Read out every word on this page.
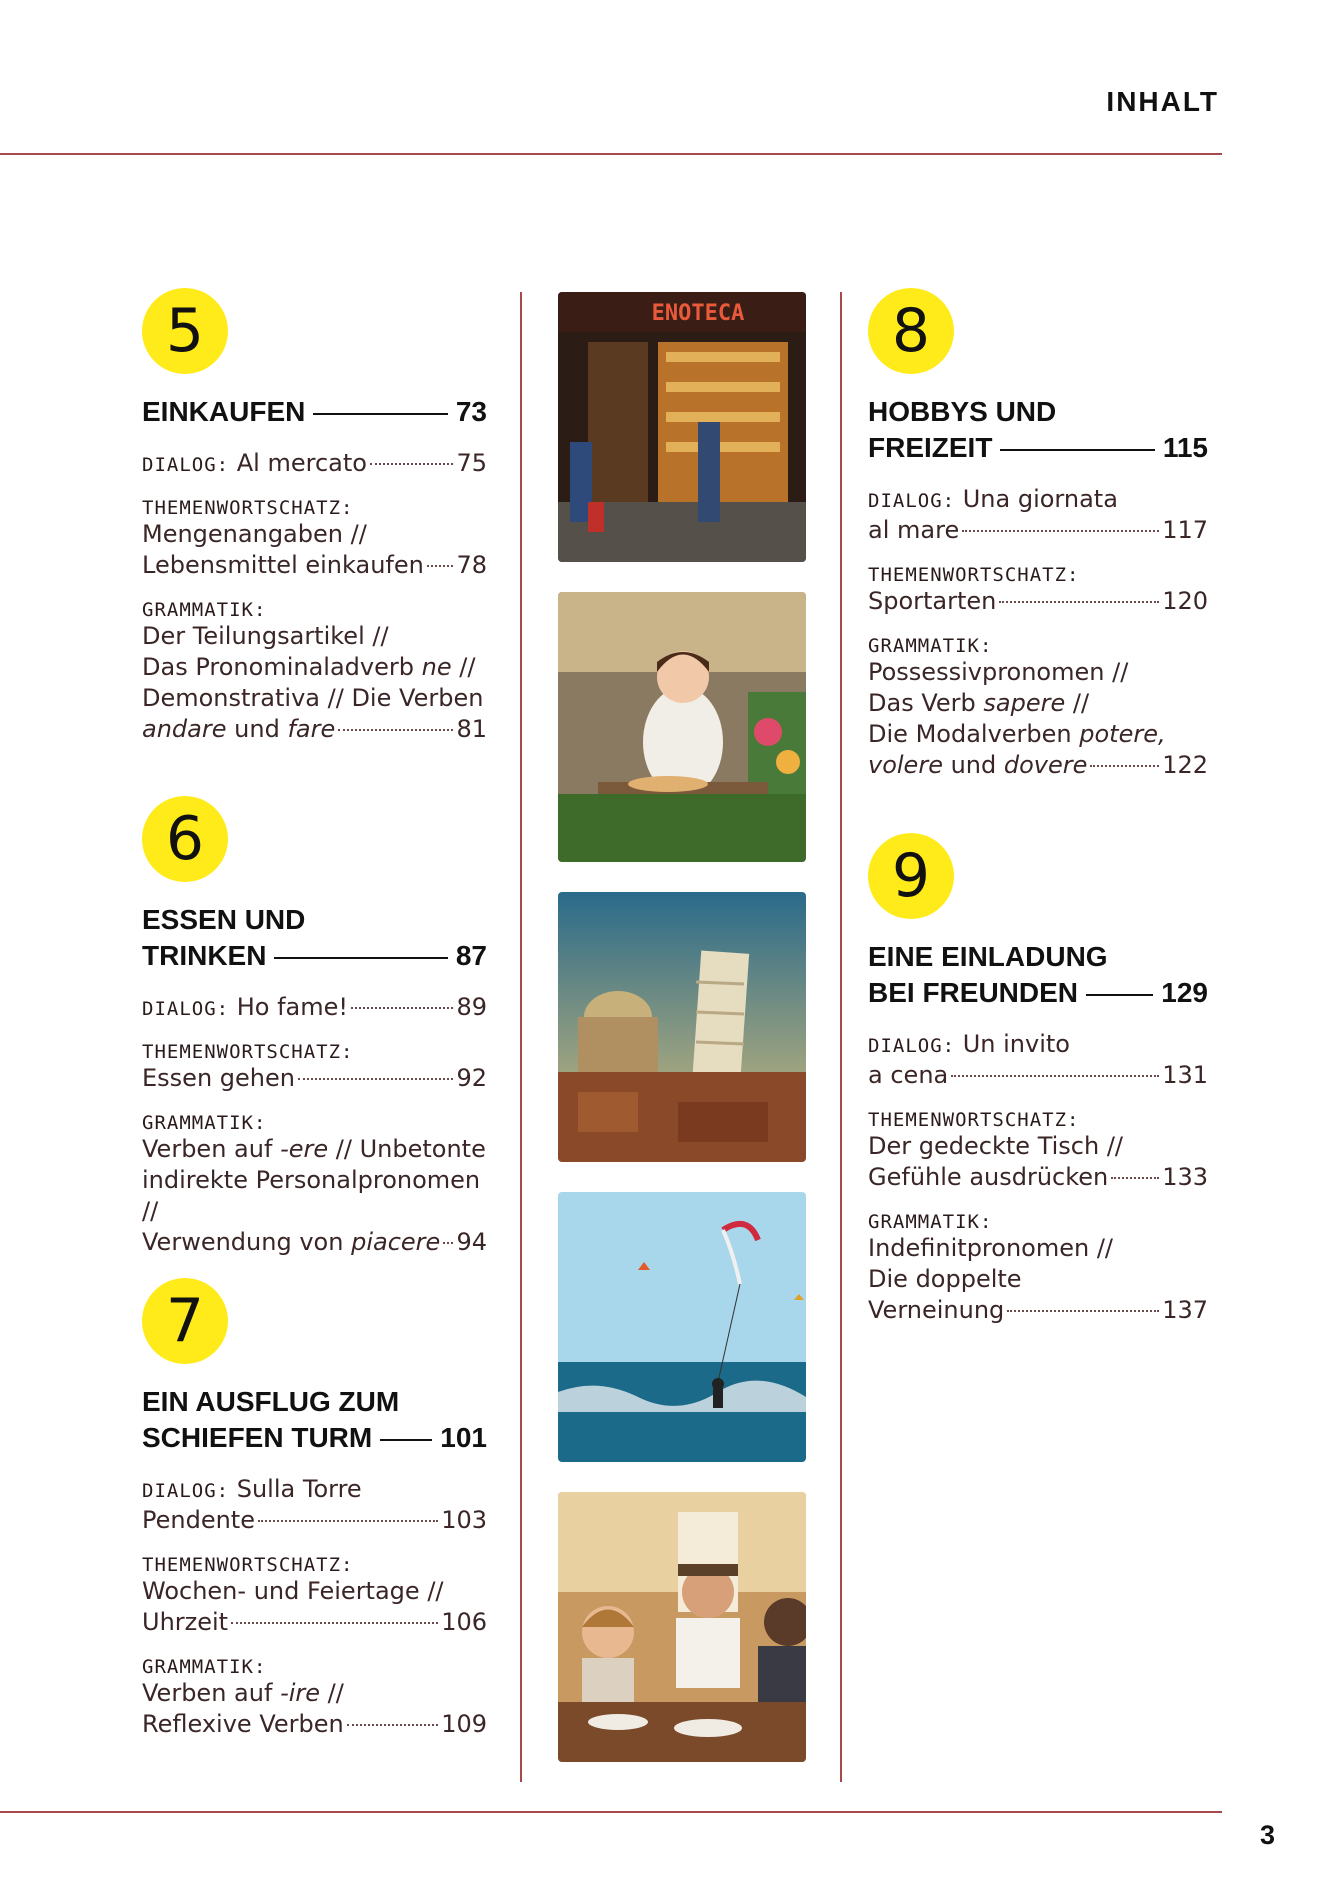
INHALT
5
EINKAUFEN	73
DIALOG: Al mercato	75
THEMENWORTSCHATZ:
Mengenangaben //
Lebensmittel einkaufen 78
GRAMMATIK:
Der Teilungsartikel //
Das Pronominaladverb ne //
Demonstrativa // Die Verben
andare und fare	81
6
ESSEN UND
TRINKEN	87
DIALOG: Ho fame!	89
THEMENWORTSCHATZ:
Essen gehen	92
GRAMMATIK:
Verben auf -ere // Unbetonte
indirekte Personalpronomen //
Verwendung von piacere 94
7
EIN AUSFLUG ZUM
SCHIEFEN TURM 101
DIALOG: Sulla Torre
Pendente	103
THEMENWORTSCHATZ:
Wochen- und Feiertage //
Uhrzeit	106
GRAMMATIK:
Verben auf -ire //
Reflexive Verben	109
ENOTECA	8
HOBBYS UND
FREIZEIT	115
DIALOG: Una giornata
al mare	117
THEMENWORTSCHATZ:
Sportarten	120
GRAMMATIK:
Possessivpronomen //
Das Verb sapere //
Die Modalverben potere,
volere und dovere	122
9
EINE EINLADUNG
BEI FREUNDEN	129
DIALOG: Un invito
a cena	131
THEMENWORTSCHATZ:
Der gedeckte Tisch //
Gefühle ausdrücken 133
GRAMMATIK:
Indefinitpronomen //
Die doppelte
Verneinung	137
3
